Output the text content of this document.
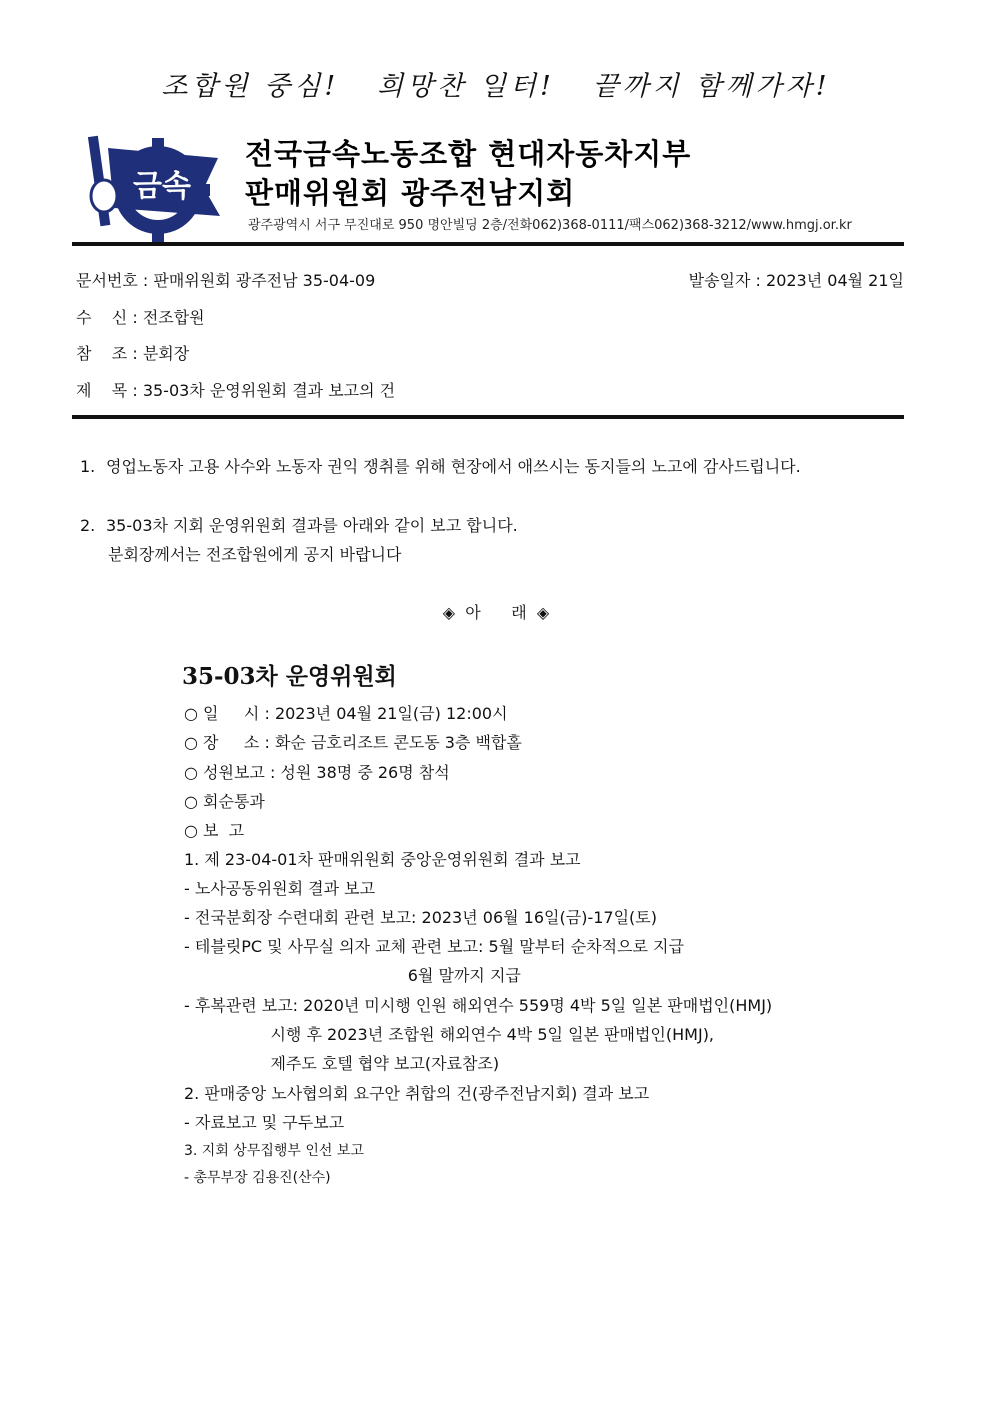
조합원 중심!   희망찬 일터!   끝까지 함께가자!
금속
전국금속노동조합 현대자동차지부
판매위원회 광주전남지회
광주광역시 서구 무진대로 950 명안빌딩 2층/전화062)368-0111/팩스062)368-3212/www.hmgj.or.kr
문서번호 : 판매위원회 광주전남 35-04-09	발송일자 : 2023년 04월 21일
수    신 : 전조합원
참    조 : 분회장
제    목 : 35-03차 운영위원회 결과 보고의 건
1. 영업노동자 고용 사수와 노동자 권익 쟁취를 위해 현장에서 애쓰시는 동지들의 노고에 감사드립니다.
2. 35-03차 지회 운영위원회 결과를 아래와 같이 보고 합니다.
분회장께서는 전조합원에게 공지 바랍니다
◈  아      래  ◈
35-03차 운영위원회
○ 일     시 : 2023년 04월 21일(금) 12:00시
○ 장     소 : 화순 금호리조트 콘도동 3층 백합홀
○ 성원보고 : 성원 38명 중 26명 참석
○ 회순통과
○ 보  고
1. 제 23-04-01차 판매위원회 중앙운영위원회 결과 보고
- 노사공동위원회 결과 보고
- 전국분회장 수련대회 관련 보고: 2023년 06월 16일(금)-17일(토)
- 테블릿PC 및 사무실 의자 교체 관련 보고: 5월 말부터 순차적으로 지급
6월 말까지 지급
- 후복관련 보고: 2020년 미시행 인원 해외연수 559명 4박 5일 일본 판매법인(HMJ)
시행 후 2023년 조합원 해외연수 4박 5일 일본 판매법인(HMJ),
제주도 호텔 협약 보고(자료참조)
2. 판매중앙 노사협의회 요구안 취합의 건(광주전남지회) 결과 보고
- 자료보고 및 구두보고
3. 지회 상무집행부 인선 보고
- 총무부장 김용진(산수)
